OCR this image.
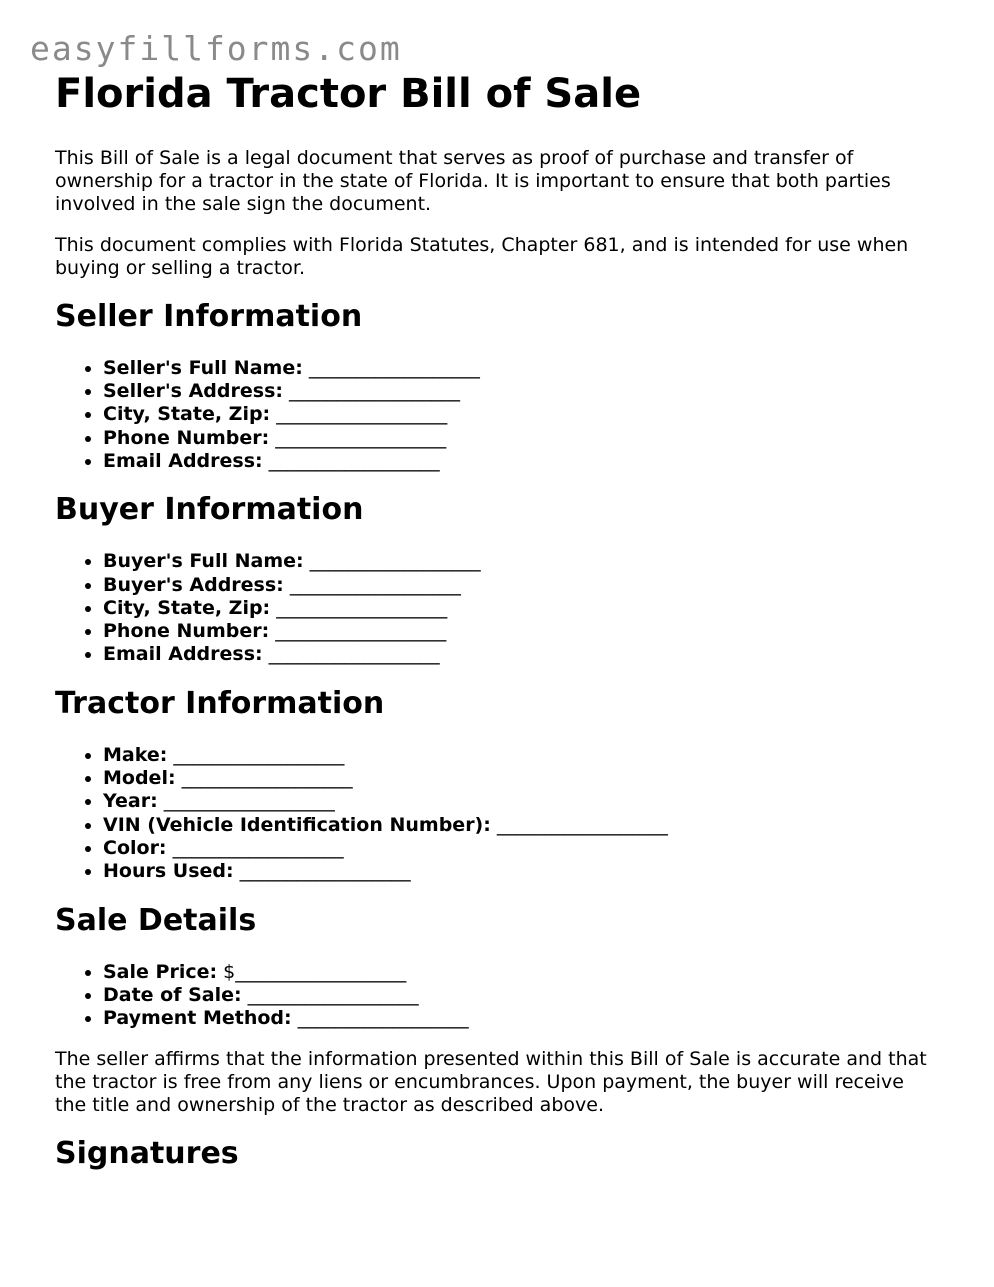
easyfillforms.com
Florida Tractor Bill of Sale

This Bill of Sale is a legal document that serves as proof of purchase and transfer of ownership for a tractor in the state of Florida. It is important to ensure that both parties involved in the sale sign the document.

This document complies with Florida Statutes, Chapter 681, and is intended for use when buying or selling a tractor.

Seller Information
• Seller's Full Name: __________________
• Seller's Address: __________________
• City, State, Zip: __________________
• Phone Number: __________________
• Email Address: __________________
Buyer Information
• Buyer's Full Name: __________________
• Buyer's Address: __________________
• City, State, Zip: __________________
• Phone Number: __________________
• Email Address: __________________
Tractor Information
• Make: __________________
• Model: __________________
• Year: __________________
• VIN (Vehicle Identification Number): __________________
• Color: __________________
• Hours Used: __________________
Sale Details
• Sale Price: $__________________
• Date of Sale: __________________
• Payment Method: __________________

The seller affirms that the information presented within this Bill of Sale is accurate and that the tractor is free from any liens or encumbrances. Upon payment, the buyer will receive the title and ownership of the tractor as described above.

Signatures
